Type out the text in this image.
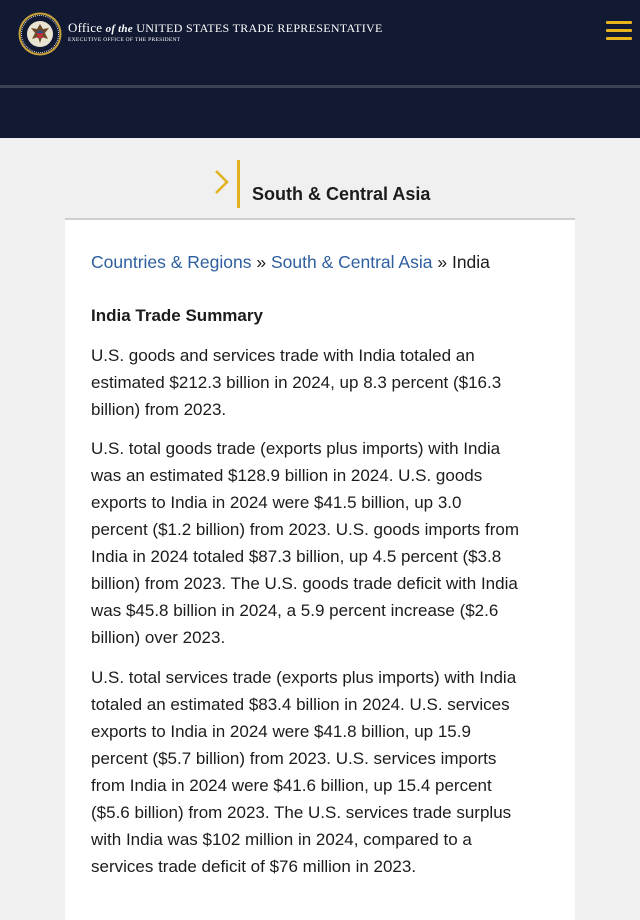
Office of the UNITED STATES TRADE REPRESENTATIVE
EXECUTIVE OFFICE OF THE PRESIDENT
South & Central Asia
Countries & Regions » South & Central Asia » India
India Trade Summary
U.S. goods and services trade with India totaled an
estimated $212.3 billion in 2024, up 8.3 percent ($16.3
billion) from 2023.
U.S. total goods trade (exports plus imports) with India
was an estimated $128.9 billion in 2024. U.S. goods
exports to India in 2024 were $41.5 billion, up 3.0
percent ($1.2 billion) from 2023. U.S. goods imports from
India in 2024 totaled $87.3 billion, up 4.5 percent ($3.8
billion) from 2023. The U.S. goods trade deficit with India
was $45.8 billion in 2024, a 5.9 percent increase ($2.6
billion) over 2023.
U.S. total services trade (exports plus imports) with India
totaled an estimated $83.4 billion in 2024. U.S. services
exports to India in 2024 were $41.8 billion, up 15.9
percent ($5.7 billion) from 2023. U.S. services imports
from India in 2024 were $41.6 billion, up 15.4 percent
($5.6 billion) from 2023. The U.S. services trade surplus
with India was $102 million in 2024, compared to a
services trade deficit of $76 million in 2023.
